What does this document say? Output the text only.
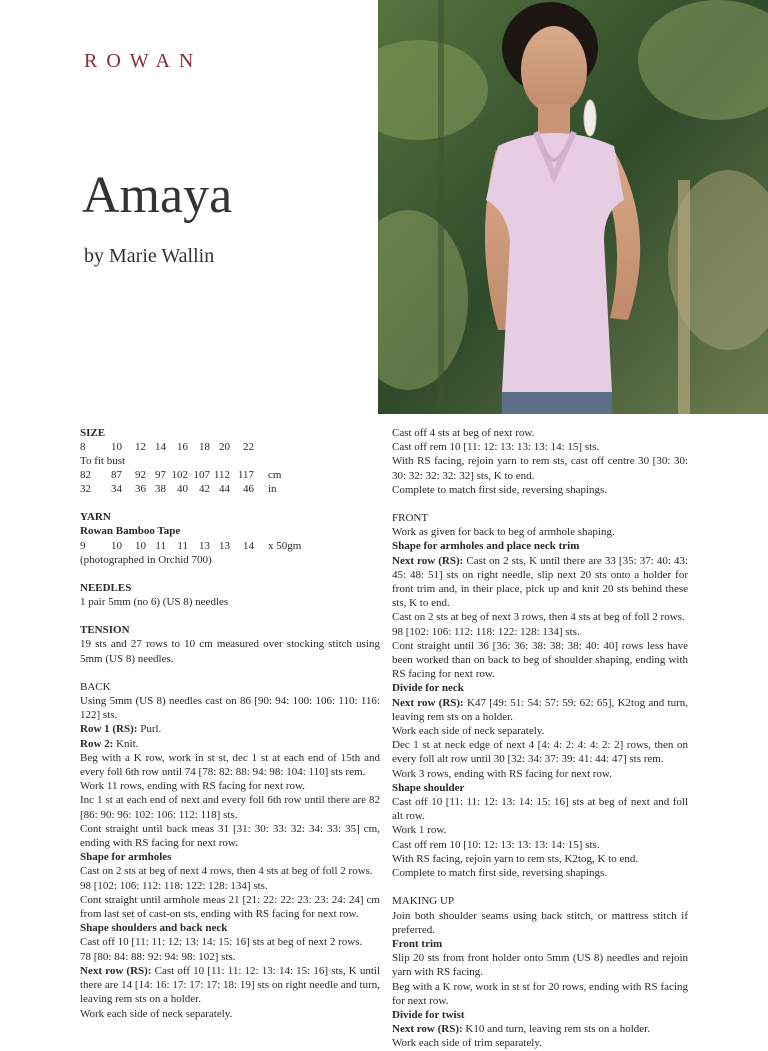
ROWAN
Amaya
by Marie Wallin
SIZE
8	10	12	14	16	18	20	22	
To fit bust								
82	87	92	97	102	107	112	117	cm
32	34	36	38	40	42	44	46	in
YARN
Rowan Bamboo Tape
9	10	10	11	11	13	13	14	x 50gm

(photographed in Orchid 700)

NEEDLES

1 pair 5mm (no 6) (US 8) needles

TENSION

19 sts and 27 rows to 10 cm measured over stocking stitch using 5mm (US 8) needles.

BACK

Using 5mm (US 8) needles cast on 86 [90: 94: 100: 106: 110: 116: 122] sts.

Row 1 (RS): Purl.

Row 2: Knit.

Beg with a K row, work in st st, dec 1 st at each end of 15th and every foll 6th row until 74 [78: 82: 88: 94: 98: 104: 110] sts rem.

Work 11 rows, ending with RS facing for next row.

Inc 1 st at each end of next and every foll 6th row until there are 82 [86: 90: 96: 102: 106: 112: 118] sts.

Cont straight until back meas 31 [31: 30: 33: 32: 34: 33: 35] cm, ending with RS facing for next row.

Shape for armholes

Cast on 2 sts at beg of next 4 rows, then 4 sts at beg of foll 2 rows.

98 [102: 106: 112: 118: 122: 128: 134] sts.

Cont straight until armhole meas 21 [21: 22: 22: 23: 23: 24: 24] cm from last set of cast-on sts, ending with RS facing for next row.

Shape shoulders and back neck

Cast off 10 [11: 11: 12: 13: 14: 15: 16] sts at beg of next 2 rows.

78 [80: 84: 88: 92: 94: 98: 102] sts.

Next row (RS): Cast off 10 [11: 11: 12: 13: 14: 15: 16] sts, K until there are 14 [14: 16: 17: 17: 17: 18: 19] sts on right needle and turn, leaving rem sts on a holder.

Work each side of neck separately.

Cast off 4 sts at beg of next row.

Cast off rem 10 [11: 12: 13: 13: 13: 14: 15] sts.

With RS facing, rejoin yarn to rem sts, cast off centre 30 [30: 30: 30: 32: 32: 32: 32] sts, K to end.

Complete to match first side, reversing shapings.

FRONT

Work as given for back to beg of armhole shaping.

Shape for armholes and place neck trim

Next row (RS): Cast on 2 sts, K until there are 33 [35: 37: 40: 43: 45: 48: 51] sts on right needle, slip next 20 sts onto a holder for front trim and, in their place, pick up and knit 20 sts behind these sts, K to end.

Cast on 2 sts at beg of next 3 rows, then 4 sts at beg of foll 2 rows.

98 [102: 106: 112: 118: 122: 128: 134] sts.

Cont straight until 36 [36: 36: 38: 38: 38: 40: 40] rows less have been worked than on back to beg of shoulder shaping, ending with RS facing for next row.

Divide for neck

Next row (RS): K47 [49: 51: 54: 57: 59: 62: 65], K2tog and turn, leaving rem sts on a holder.

Work each side of neck separately.

Dec 1 st at neck edge of next 4 [4: 4: 2: 4: 4: 2: 2] rows, then on every foll alt row until 30 [32: 34: 37: 39: 41: 44: 47] sts rem.

Work 3 rows, ending with RS facing for next row.

Shape shoulder

Cast off 10 [11: 11: 12: 13: 14: 15: 16] sts at beg of next and foll alt row.

Work 1 row.

Cast off rem 10 [10: 12: 13: 13: 13: 14: 15] sts.

With RS facing, rejoin yarn to rem sts, K2tog, K to end.

Complete to match first side, reversing shapings.

MAKING UP

Join both shoulder seams using back stitch, or mattress stitch if preferred.

Front trim

Slip 20 sts from front holder onto 5mm (US 8) needles and rejoin yarn with RS facing.

Beg with a K row, work in st st for 20 rows, ending with RS facing for next row.

Divide for twist

Next row (RS): K10 and turn, leaving rem sts on a holder.

Work each side of trim separately.
